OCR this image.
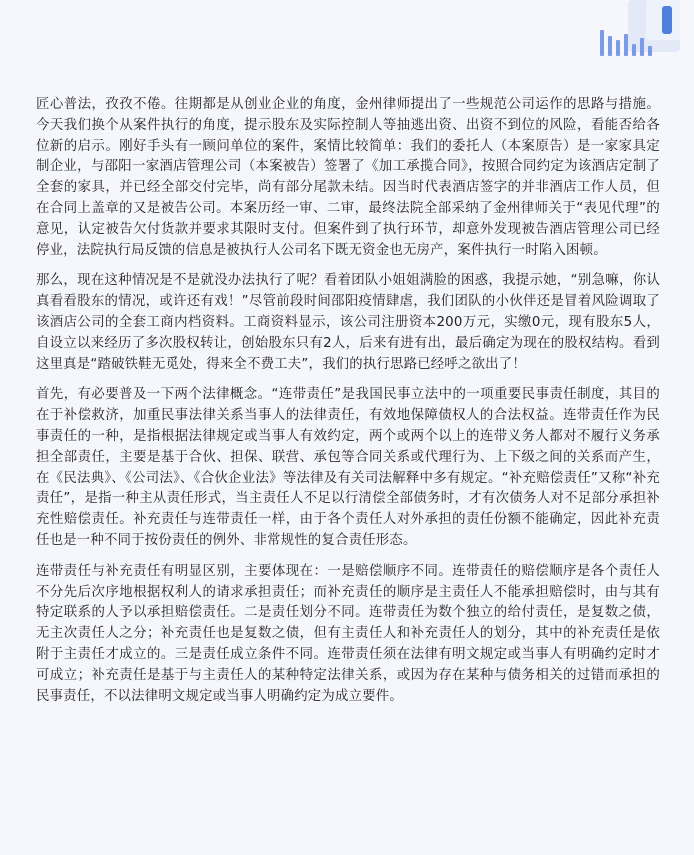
匠心普法，孜孜不倦。往期都是从创业企业的角度，金州律师提出了一些规范公司运作的思路与措施。今天我们换个从案件执行的角度，提示股东及实际控制人等抽逃出资、出资不到位的风险，看能否给各位新的启示。刚好手头有一顾问单位的案件，案情比较简单：我们的委托人（本案原告）是一家家具定制企业，与邵阳一家酒店管理公司（本案被告）签署了《加工承揽合同》，按照合同约定为该酒店定制了全套的家具，并已经全部交付完毕，尚有部分尾款未结。因当时代表酒店签字的并非酒店工作人员，但在合同上盖章的又是被告公司。本案历经一审、二审，最终法院全部采纳了金州律师关于“表见代理”的意见，认定被告欠付货款并要求其限时支付。但案件到了执行环节，却意外发现被告酒店管理公司已经停业，法院执行局反馈的信息是被执行人公司名下既无资金也无房产，案件执行一时陷入困顿。

那么，现在这种情况是不是就没办法执行了呢？看着团队小姐姐满脸的困惑，我提示她，“别急嘛，你认真看看股东的情况，或许还有戏！”尽管前段时间邵阳疫情肆虐，我们团队的小伙伴还是冒着风险调取了该酒店公司的全套工商内档资料。工商资料显示，该公司注册资本200万元，实缴0元，现有股东5人，自设立以来经历了多次股权转让，创始股东只有2人，后来有进有出，最后确定为现在的股权结构。看到这里真是“踏破铁鞋无觅处，得来全不费工夫”，我们的执行思路已经呼之欲出了！

首先，有必要普及一下两个法律概念。“连带责任”是我国民事立法中的一项重要民事责任制度，其目的在于补偿救济，加重民事法律关系当事人的法律责任，有效地保障债权人的合法权益。连带责任作为民事责任的一种，是指根据法律规定或当事人有效约定，两个或两个以上的连带义务人都对不履行义务承担全部责任，主要是基于合伙、担保、联营、承包等合同关系或代理行为、上下级之间的关系而产生，在《民法典》、《公司法》、《合伙企业法》等法律及有关司法解释中多有规定。“补充赔偿责任”又称“补充责任”，是指一种主从责任形式，当主责任人不足以行清偿全部债务时，才有次债务人对不足部分承担补充性赔偿责任。补充责任与连带责任一样，由于各个责任人对外承担的责任份额不能确定，因此补充责任也是一种不同于按份责任的例外、非常规性的复合责任形态。

连带责任与补充责任有明显区别，主要体现在：一是赔偿顺序不同。连带责任的赔偿顺序是各个责任人不分先后次序地根据权利人的请求承担责任；而补充责任的顺序是主责任人不能承担赔偿时，由与其有特定联系的人予以承担赔偿责任。二是责任划分不同。连带责任为数个独立的给付责任，是复数之债，无主次责任人之分；补充责任也是复数之债，但有主责任人和补充责任人的划分，其中的补充责任是依附于主责任才成立的。三是责任成立条件不同。连带责任须在法律有明文规定或当事人有明确约定时才可成立；补充责任是基于与主责任人的某种特定法律关系，或因为存在某种与债务相关的过错而承担的民事责任，不以法律明文规定或当事人明确约定为成立要件。
